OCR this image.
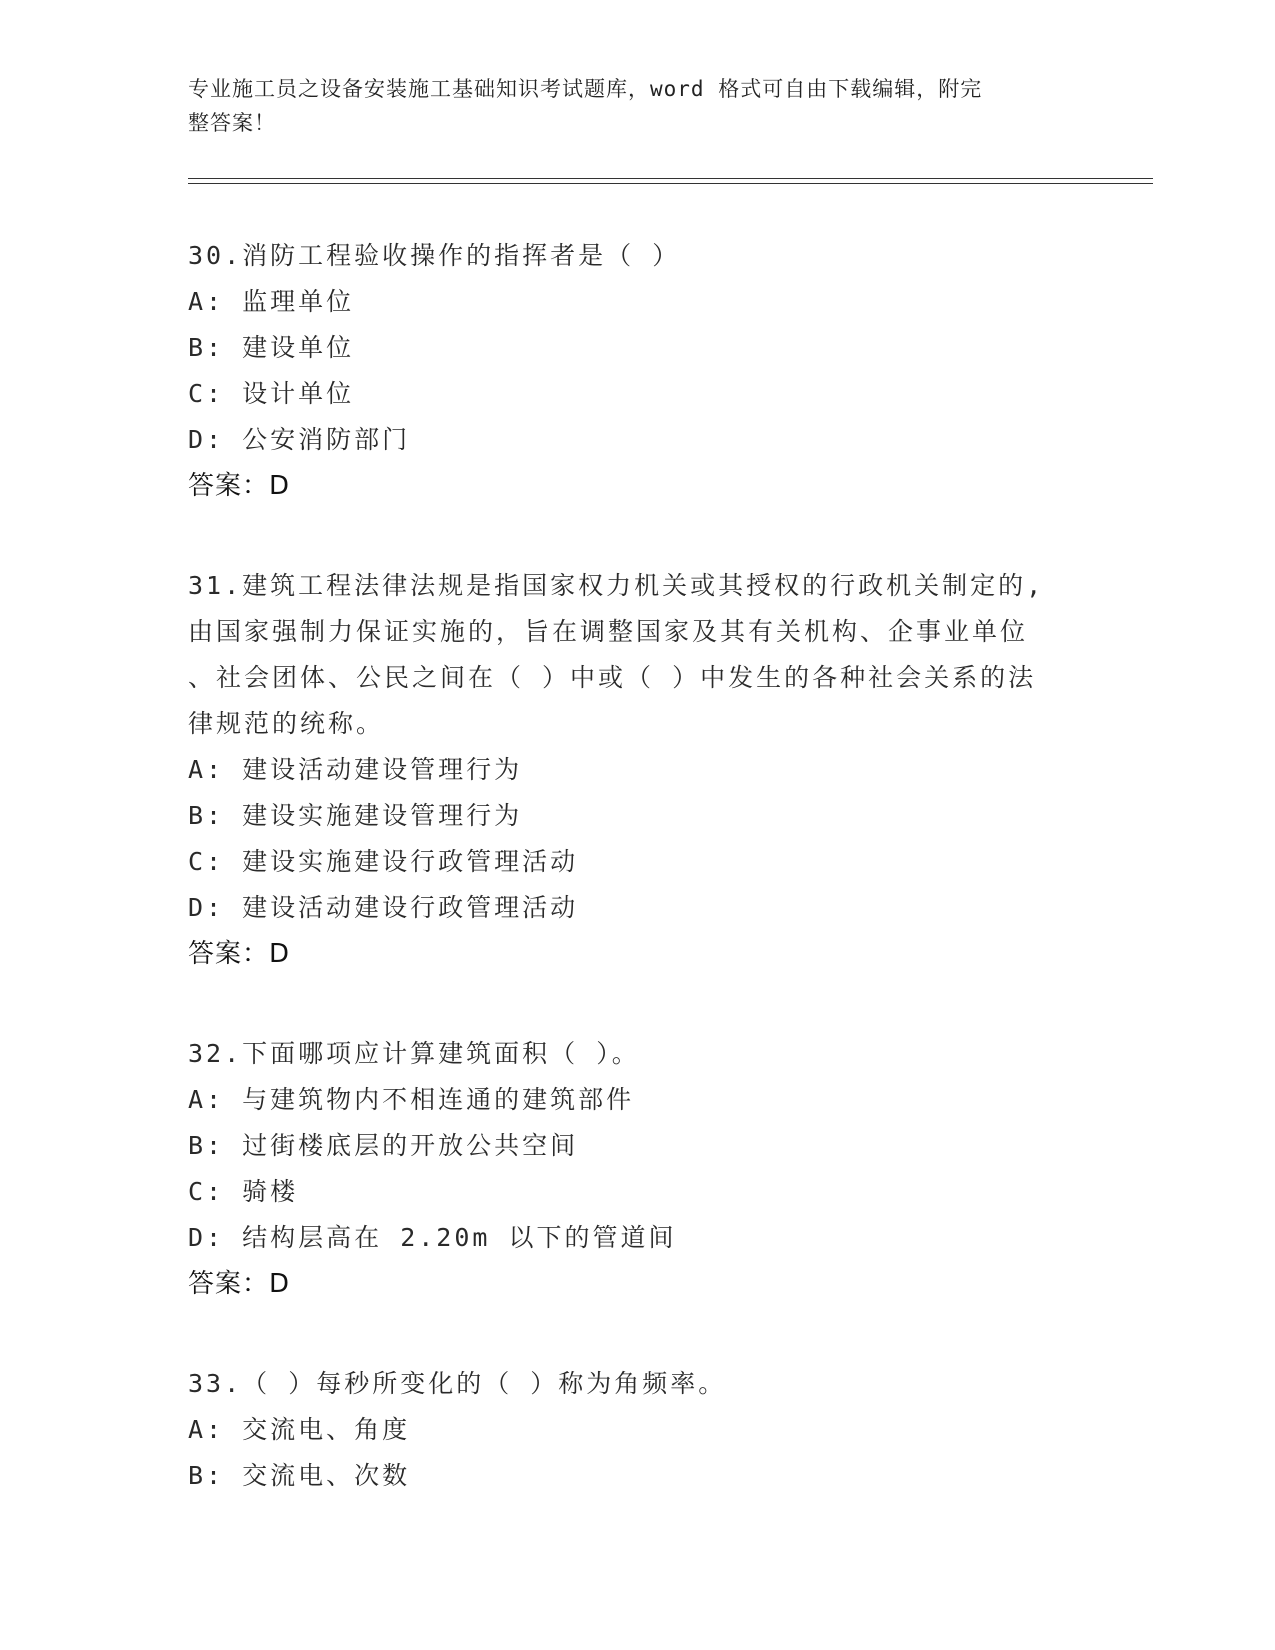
专业施工员之设备安装施工基础知识考试题库，word 格式可自由下载编辑，附完
整答案！
30.消防工程验收操作的指挥者是（ ）
A: 监理单位
B: 建设单位
C: 设计单位
D: 公安消防部门
答案：D
31.建筑工程法律法规是指国家权力机关或其授权的行政机关制定的,
由国家强制力保证实施的，旨在调整国家及其有关机构、企事业单位
、社会团体、公民之间在（ ）中或（ ）中发生的各种社会关系的法
律规范的统称。
A: 建设活动建设管理行为
B: 建设实施建设管理行为
C: 建设实施建设行政管理活动
D: 建设活动建设行政管理活动
答案：D
32.下面哪项应计算建筑面积（ ）。
A: 与建筑物内不相连通的建筑部件
B: 过街楼底层的开放公共空间
C: 骑楼
D: 结构层高在 2.20m 以下的管道间
答案：D
33.（ ）每秒所变化的（ ）称为角频率。
A: 交流电、角度
B: 交流电、次数
